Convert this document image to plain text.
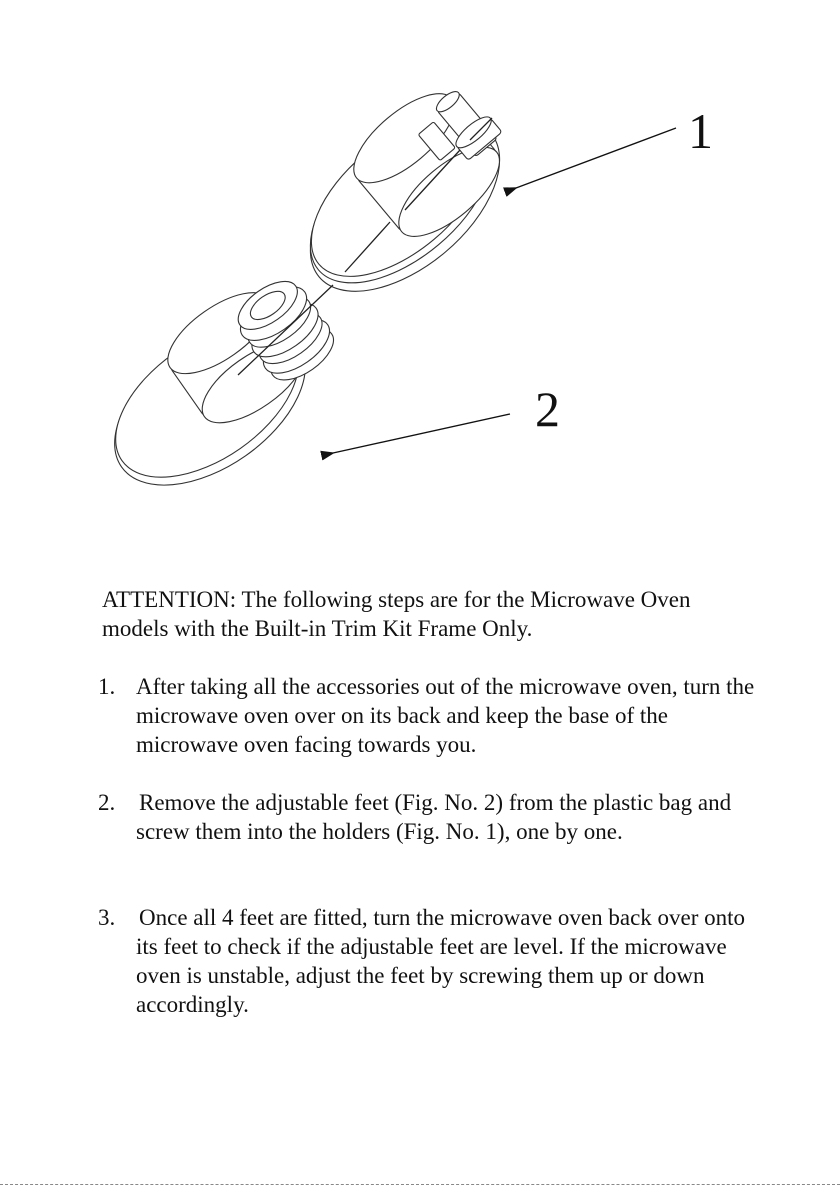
1
2

ATTENTION: The following steps are for the Microwave Oven models with the Built-in Trim Kit Frame Only.

1. After taking all the accessories out of the microwave oven, turn the microwave oven over on its back and keep the base of the microwave oven facing towards you.
2.	Remove the adjustable feet (Fig. No. 2) from the plastic bag and screw them into the holders (Fig. No. 1), one by one.
3.	Once all 4 feet are fitted, turn the microwave oven back over onto its feet to check if the adjustable feet are level. If the microwave oven is unstable, adjust the feet by screwing them up or down accordingly.
